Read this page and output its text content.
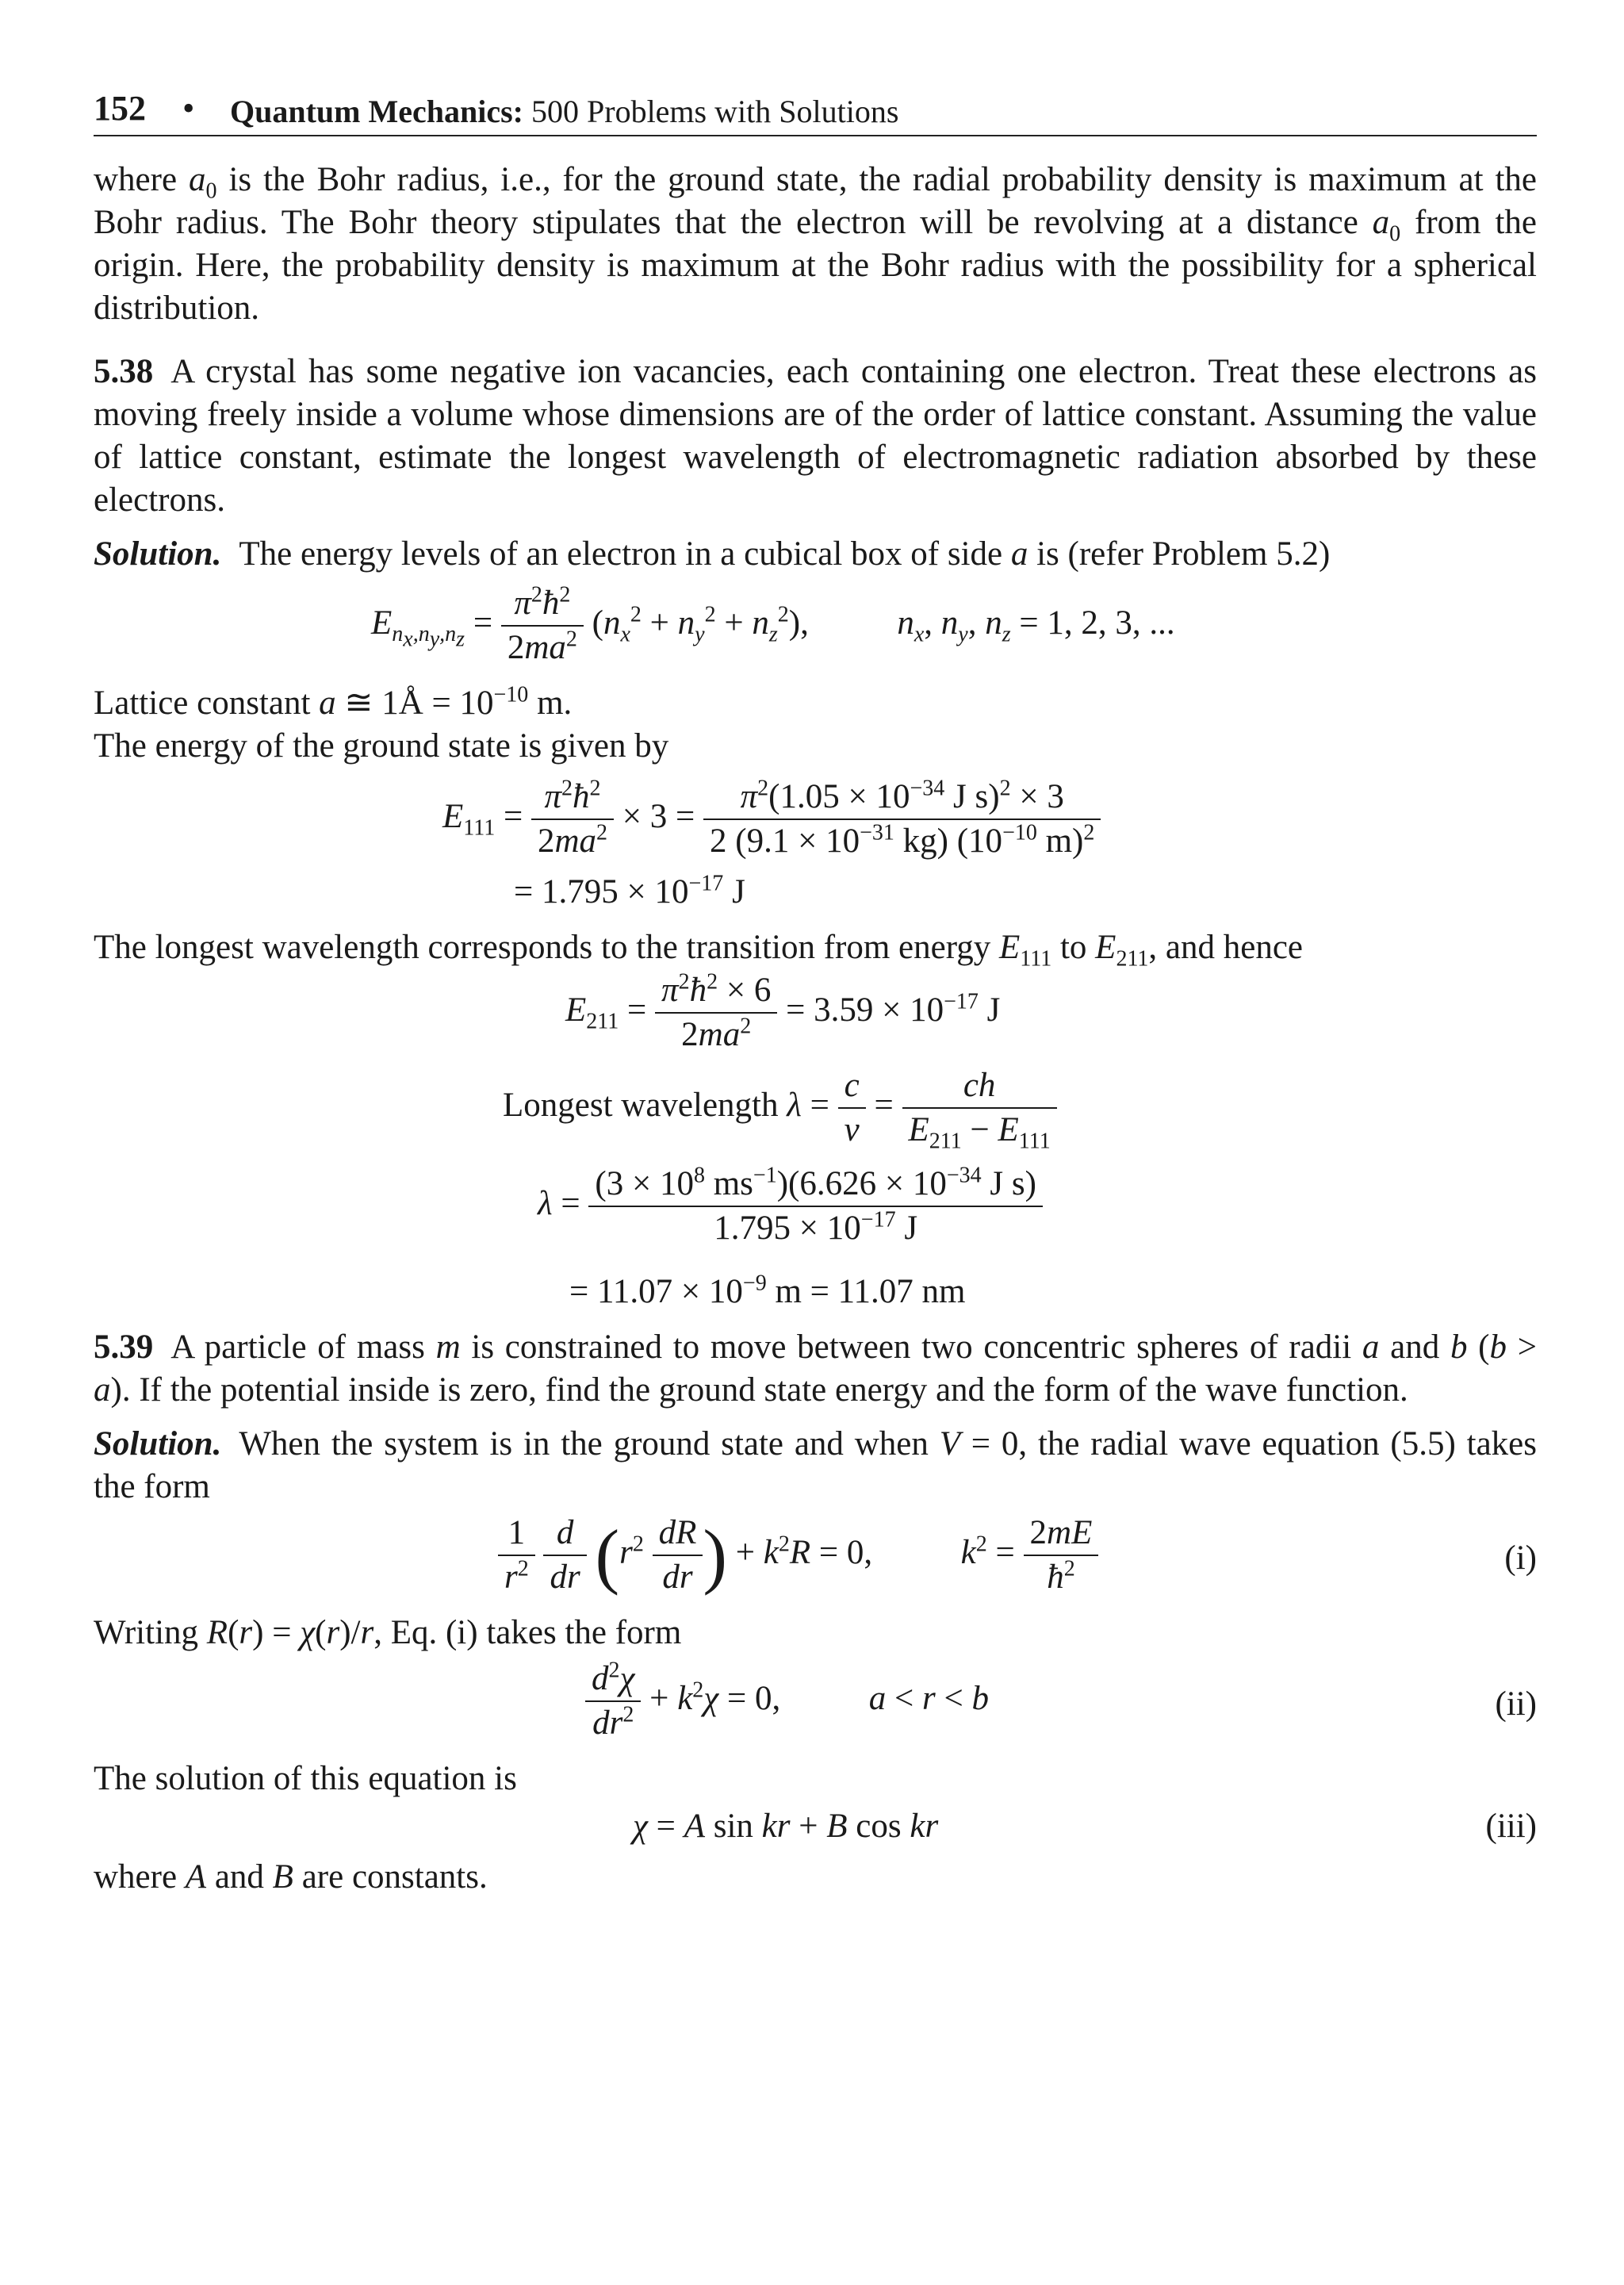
152 • Quantum Mechanics: 500 Problems with Solutions

where $a_0$ is the Bohr radius, i.e., for the ground state, the radial probability density is maximum at the Bohr radius. The Bohr theory stipulates that the electron will be revolving at a distance $a_0$ from the origin. Here, the probability density is maximum at the Bohr radius with the possibility for a spherical distribution.

5.38 A crystal has some negative ion vacancies, each containing one electron. Treat these electrons as moving freely inside a volume whose dimensions are of the order of lattice constant. Assuming the value of lattice constant, estimate the longest wavelength of electromagnetic radiation absorbed by these electrons.

Solution. The energy levels of an electron in a cubical box of side a is (refer Problem 5.2)

$E_{n_x,n_y,n_z} = \frac{\pi^2ħ^2}{2ma^2} (n_x^2 + n_y^2 + n_z^2)$,  $n_x$, $n_y$, $n_z = 1$, 2, 3, ...

Lattice constant a ≅ 1Å = $10^{-10}$ m.

The energy of the ground state is given by

$E_{111} = \frac{\pi^2ħ^2}{2ma^2} \times 3 = \frac{\pi^2(1.05 \times 10^{-34} J s)^2 \times 3}{2 (9.1 \times 10^{-31} kg) (10^{-10} m)^2}$
= $1.795 \times 10^{-17}$ J

The longest wavelength corresponds to the transition from energy $E_{111}$ to $E_{211}$, and hence

$E_{211} = \frac{\pi^2ħ^2 \times 6}{2ma^2} = 3.59 \times 10^{-17}$ J
Longest wavelength $\lambda = \frac{c}{\nu} = \frac{ch}{E_{211} - E_{111}}$
$\lambda = \frac{(3 \times 10^8 ms^{-1})(6.626 \times 10^{-34} J s)}{1.795 \times 10^{-17} J}$
= $11.07 \times 10^{-9}$ m = 11.07 nm

5.39 A particle of mass m is constrained to move between two concentric spheres of radii a and b (b > a). If the potential inside is zero, find the ground state energy and the form of the wave function.

Solution. When the system is in the ground state and when V = 0, the radial wave equation (5.5) takes the form

$\frac{1}{r^2}$
$\frac{d}{dr} (r^2 \frac{dR}{dr}$ ) + $k^2R = 0$,  $k^2 = \frac{2mE}{ħ^2}$	(i)

Writing R(r) = χ(r)/r, Eq. (i) takes the form

$\frac{d^2\chi}{dr^2} + k^2\chi = 0$,  a < r < b	(ii)

The solution of this equation is

χ = A sin kr + B cos kr	(iii)

where A and B are constants.
